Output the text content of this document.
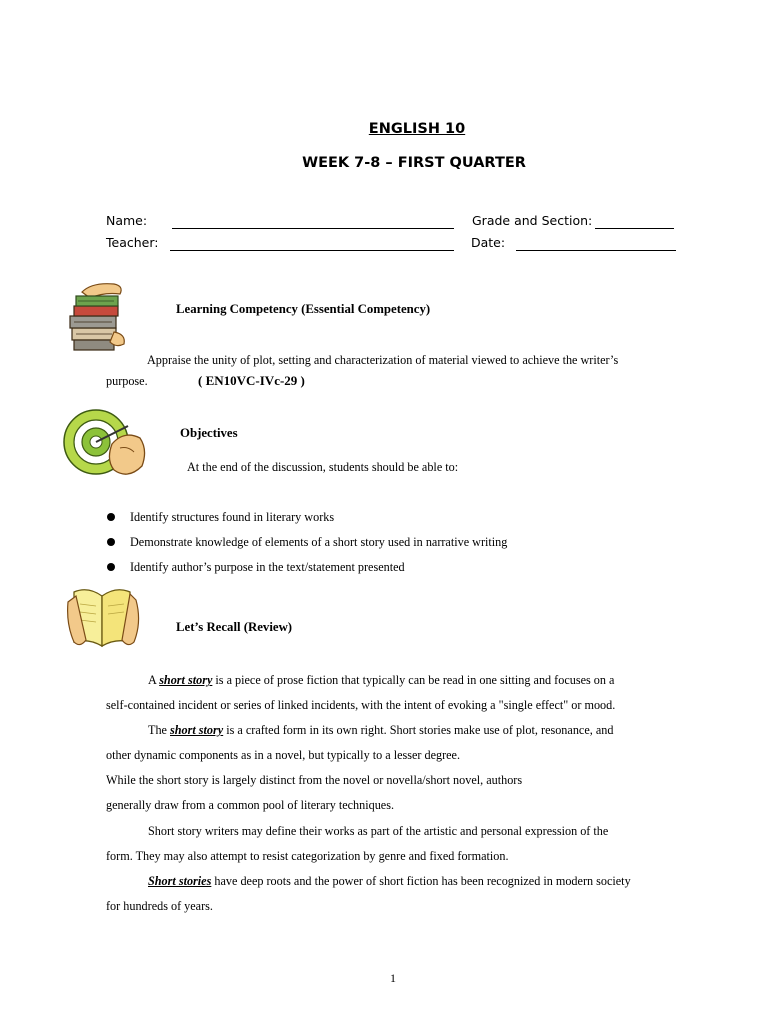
ENGLISH 10
WEEK 7-8 – FIRST QUARTER
Name:	Grade and Section:
Teacher:	Date:
Learning Competency (Essential Competency)
Appraise the unity of plot, setting and characterization of material viewed to achieve the writer’s
purpose.	( EN10VC-IVc-29 )
Objectives
At the end of the discussion, students should be able to:
Identify structures found in literary works
Demonstrate knowledge of elements of a short story used in narrative writing
Identify author’s purpose in the text/statement presented
Let’s Recall (Review)
A short story is a piece of prose fiction that typically can be read in one sitting and focuses on a
self-contained incident or series of linked incidents, with the intent of evoking a "single effect" or mood.
The short story is a crafted form in its own right. Short stories make use of plot, resonance, and
other dynamic components as in a novel, but typically to a lesser degree.
While the short story is largely distinct from the novel or novella/short novel, authors
generally draw from a common pool of literary techniques.
Short story writers may define their works as part of the artistic and personal expression of the
form. They may also attempt to resist categorization by genre and fixed formation.
Short stories have deep roots and the power of short fiction has been recognized in modern society
for hundreds of years.
1
